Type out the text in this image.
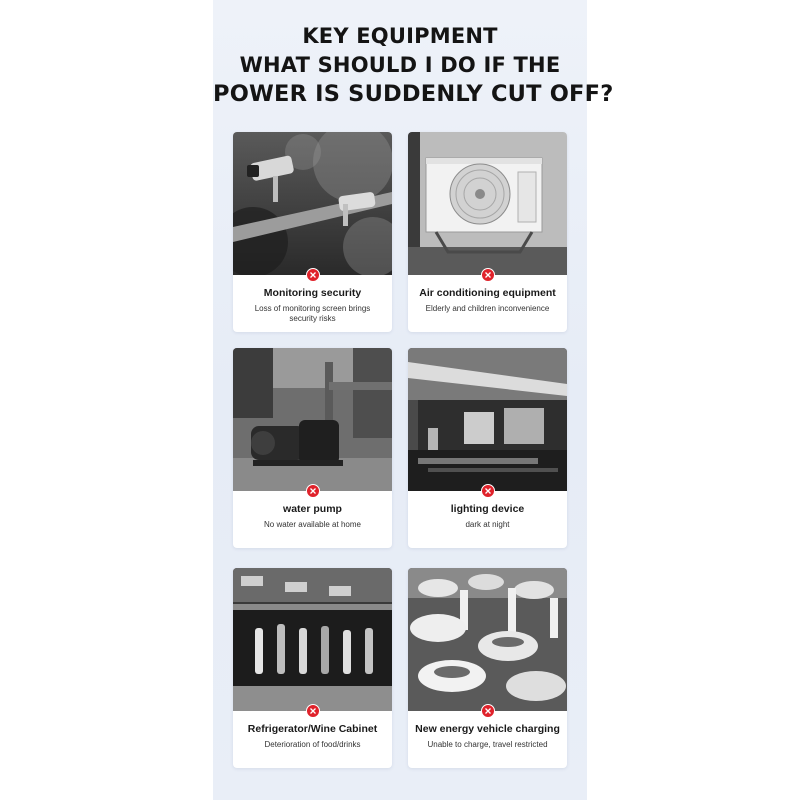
KEY EQUIPMENT
WHAT SHOULD I DO IF THE
POWER IS SUDDENLY CUT OFF?
Monitoring security
Loss of monitoring screen brings security risks
Air conditioning equipment
Elderly and children inconvenience
water pump
No water available at home
lighting device
dark at night
Refrigerator/Wine Cabinet
Deterioration of food/drinks
New energy vehicle charging
Unable to charge, travel restricted
